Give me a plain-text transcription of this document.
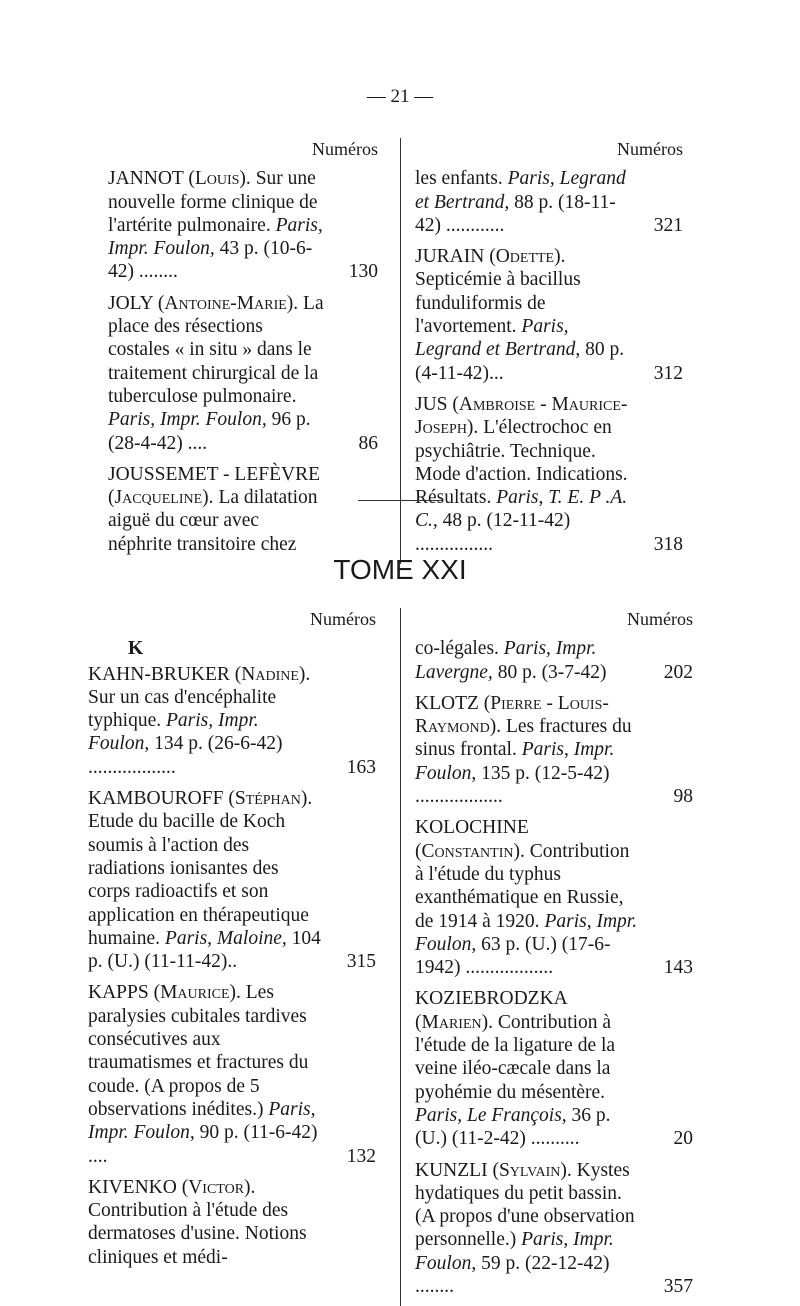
— 21 —
Numéros
JANNOT (Louis). Sur une nouvelle forme clinique de l'artérite pulmonaire. Paris, Impr. Foulon, 43 p. (10-6-42) ........	130
JOLY (Antoine-Marie). La place des résections costales « in situ » dans le traitement chirurgical de la tuberculose pulmonaire. Paris, Impr. Foulon, 96 p. (28-4-42) ....	86
JOUSSEMET - LEFÈVRE (Jacqueline). La dilatation aiguë du cœur avec néphrite transitoire chez
Numéros
les enfants. Paris, Legrand et Bertrand, 88 p. (18-11-42) ............	321
JURAIN (Odette). Septicémie à bacillus funduliformis de l'avortement. Paris, Legrand et Bertrand, 80 p. (4-11-42)...	312
JUS (Ambroise - Maurice-Joseph). L'électrochoc en psychiâtrie. Technique. Mode d'action. Indications. Résultats. Paris, T. E. P .A. C., 48 p. (12-11-42) ................	318
TOME XXI
Numéros
K
KAHN-BRUKER (Nadine). Sur un cas d'encéphalite typhique. Paris, Impr. Foulon, 134 p. (26-6-42) ..................	163
KAMBOUROFF (Stéphan). Etude du bacille de Koch soumis à l'action des radiations ionisantes des corps radioactifs et son application en thérapeutique humaine. Paris, Maloine, 104 p. (U.) (11-11-42)..	315
KAPPS (Maurice). Les paralysies cubitales tardives consécutives aux traumatismes et fractures du coude. (A propos de 5 observations inédites.) Paris, Impr. Foulon, 90 p. (11-6-42) ....	132
KIVENKO (Victor). Contribution à l'étude des dermatoses d'usine. Notions cliniques et médi-
Numéros
co-légales. Paris, Impr. Lavergne, 80 p. (3-7-42)	202
KLOTZ (Pierre - Louis-Raymond). Les fractures du sinus frontal. Paris, Impr. Foulon, 135 p. (12-5-42) ..................	98
KOLOCHINE (Constantin). Contribution à l'étude du typhus exanthématique en Russie, de 1914 à 1920. Paris, Impr. Foulon, 63 p. (U.) (17-6-1942) ..................	143
KOZIEBRODZKA (Marien). Contribution à l'étude de la ligature de la veine iléo-cæcale dans la pyohémie du mésentère. Paris, Le François, 36 p. (U.) (11-2-42) ..........	20
KUNZLI (Sylvain). Kystes hydatiques du petit bassin. (A propos d'une observation personnelle.) Paris, Impr. Foulon, 59 p. (22-12-42) ........	357
